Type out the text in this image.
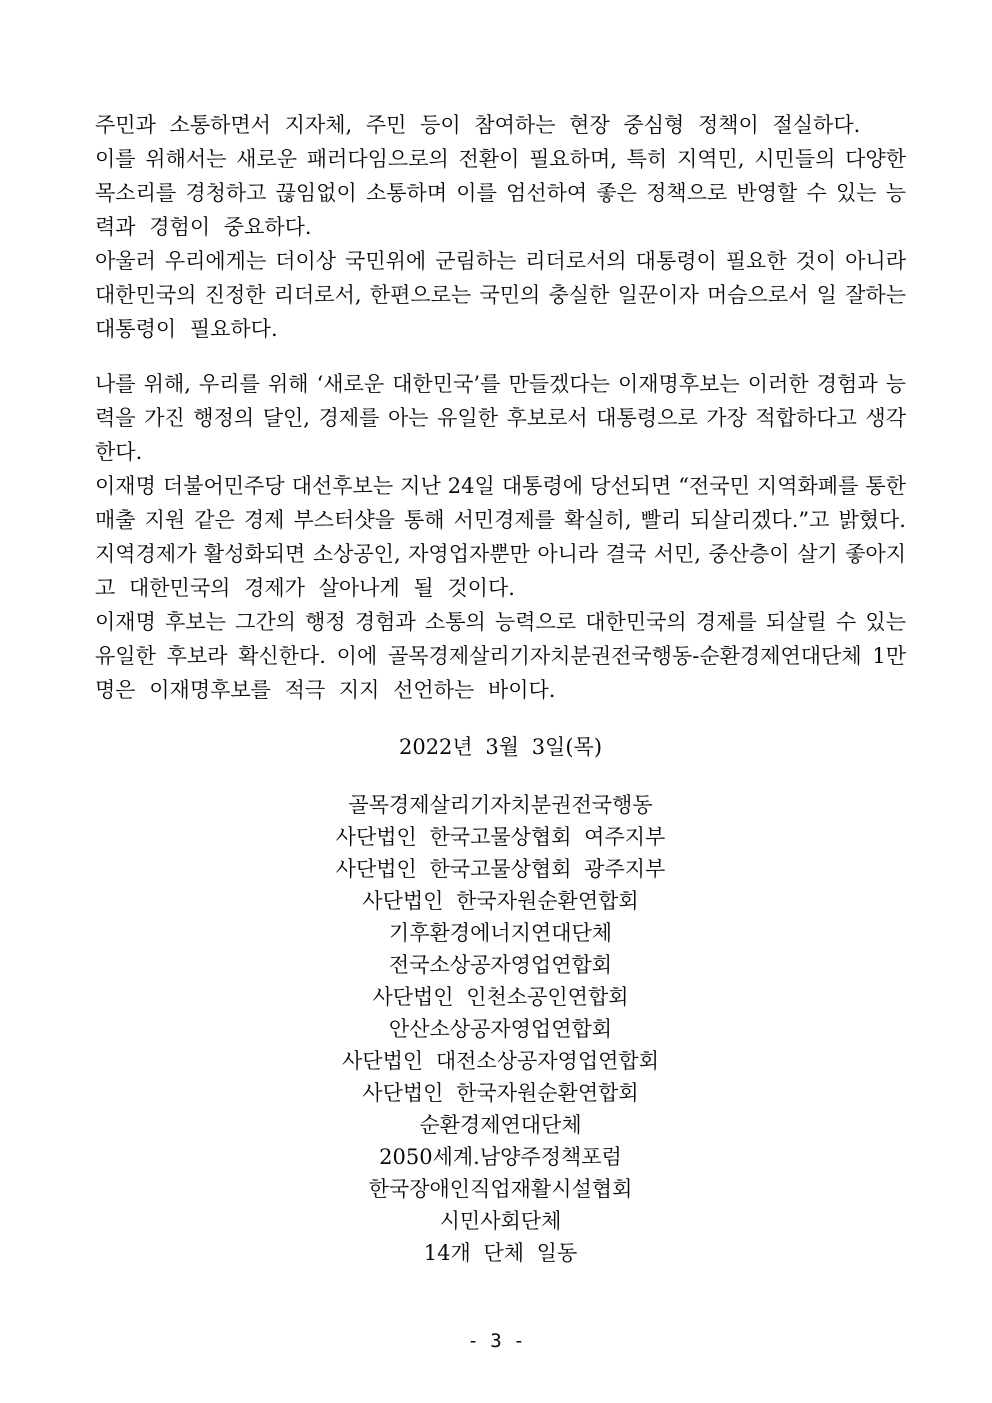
주민과 소통하면서 지자체, 주민 등이 참여하는 현장 중심형 정책이 절실하다.
이를 위해서는 새로운 패러다임으로의 전환이 필요하며, 특히 지역민, 시민들의 다양한
목소리를 경청하고 끊임없이 소통하며 이를 엄선하여 좋은 정책으로 반영할 수 있는 능
력과 경험이 중요하다.
아울러 우리에게는 더이상 국민위에 군림하는 리더로서의 대통령이 필요한 것이 아니라
대한민국의 진정한 리더로서, 한편으로는 국민의 충실한 일꾼이자 머슴으로서 일 잘하는
대통령이 필요하다.
나를 위해, 우리를 위해 ‘새로운 대한민국’를 만들겠다는 이재명후보는 이러한 경험과 능
력을 가진 행정의 달인, 경제를 아는 유일한 후보로서 대통령으로 가장 적합하다고 생각
한다.
이재명 더불어민주당 대선후보는 지난 24일 대통령에 당선되면 “전국민 지역화폐를 통한
매출 지원 같은 경제 부스터샷을 통해 서민경제를 확실히, 빨리 되살리겠다.”고 밝혔다.
지역경제가 활성화되면 소상공인, 자영업자뿐만 아니라 결국 서민, 중산층이 살기 좋아지
고 대한민국의 경제가 살아나게 될 것이다.
이재명 후보는 그간의 행정 경험과 소통의 능력으로 대한민국의 경제를 되살릴 수 있는
유일한 후보라 확신한다. 이에 골목경제살리기자치분권전국행동-순환경제연대단체 1만
명은 이재명후보를 적극 지지 선언하는 바이다.
2022년 3월 3일(목)
골목경제살리기자치분권전국행동
사단법인 한국고물상협회 여주지부
사단법인 한국고물상협회 광주지부
사단법인 한국자원순환연합회
기후환경에너지연대단체
전국소상공자영업연합회
사단법인 인천소공인연합회
안산소상공자영업연합회
사단법인 대전소상공자영업연합회
사단법인 한국자원순환연합회
순환경제연대단체
2050세계.남양주정책포럼
한국장애인직업재활시설협회
시민사회단체
14개 단체 일동
- 3 -
